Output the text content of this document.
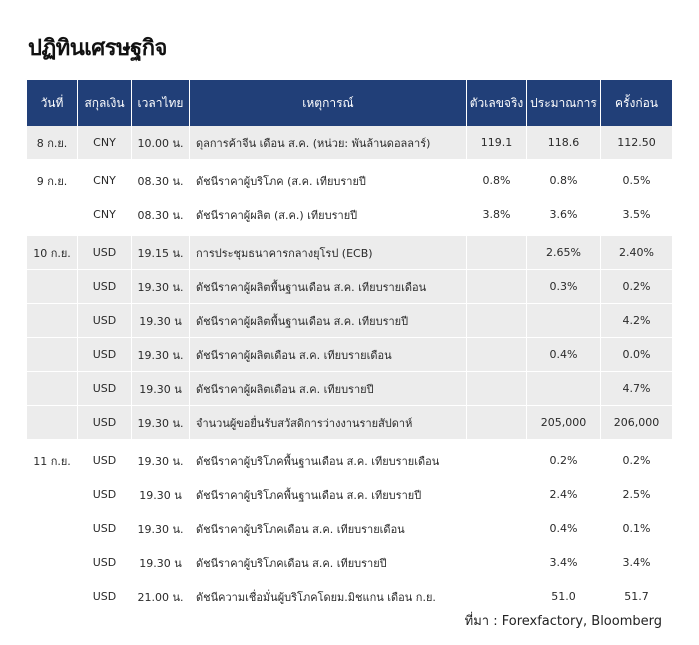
ปฏิทินเศรษฐกิจ
วันที่	สกุลเงิน	เวลาไทย	เหตุการณ์	ตัวเลขจริง	ประมาณการ	ครั้งก่อน
8 ก.ย.	CNY	10.00 น.	ดุลการค้าจีน เดือน ส.ค. (หน่วย: พันล้านดอลลาร์)	119.1	118.6	112.50

9 ก.ย.	CNY	08.30 น.	ดัชนีราคาผู้บริโภค (ส.ค. เทียบรายปี	0.8%	0.8%	0.5%
	CNY	08.30 น.	ดัชนีราคาผู้ผลิต (ส.ค.) เทียบรายปี	3.8%	3.6%	3.5%

10 ก.ย.	USD	19.15 น.	การประชุมธนาคารกลางยุโรป (ECB)		2.65%	2.40%
	USD	19.30 น.	ดัชนีราคาผู้ผลิตพื้นฐานเดือน ส.ค. เทียบรายเดือน		0.3%	0.2%
	USD	19.30 น	ดัชนีราคาผู้ผลิตพื้นฐานเดือน ส.ค. เทียบรายปี			4.2%
	USD	19.30 น.	ดัชนีราคาผู้ผลิตเดือน ส.ค. เทียบรายเดือน		0.4%	0.0%
	USD	19.30 น	ดัชนีราคาผู้ผลิตเดือน ส.ค. เทียบรายปี			4.7%
	USD	19.30 น.	จำนวนผู้ขอยื่นรับสวัสดิการว่างงานรายสัปดาห์		205,000	206,000

11 ก.ย.	USD	19.30 น.	ดัชนีราคาผู้บริโภคพื้นฐานเดือน ส.ค. เทียบรายเดือน		0.2%	0.2%
	USD	19.30 น	ดัชนีราคาผู้บริโภคพื้นฐานเดือน ส.ค. เทียบรายปี		2.4%	2.5%
	USD	19.30 น.	ดัชนีราคาผู้บริโภคเดือน ส.ค. เทียบรายเดือน		0.4%	0.1%
	USD	19.30 น	ดัชนีราคาผู้บริโภคเดือน ส.ค. เทียบรายปี		3.4%	3.4%
	USD	21.00 น.	ดัชนีความเชื่อมั่นผู้บริโภคโดยม.มิชแกน เดือน ก.ย.		51.0	51.7
ที่มา : Forexfactory, Bloomberg
